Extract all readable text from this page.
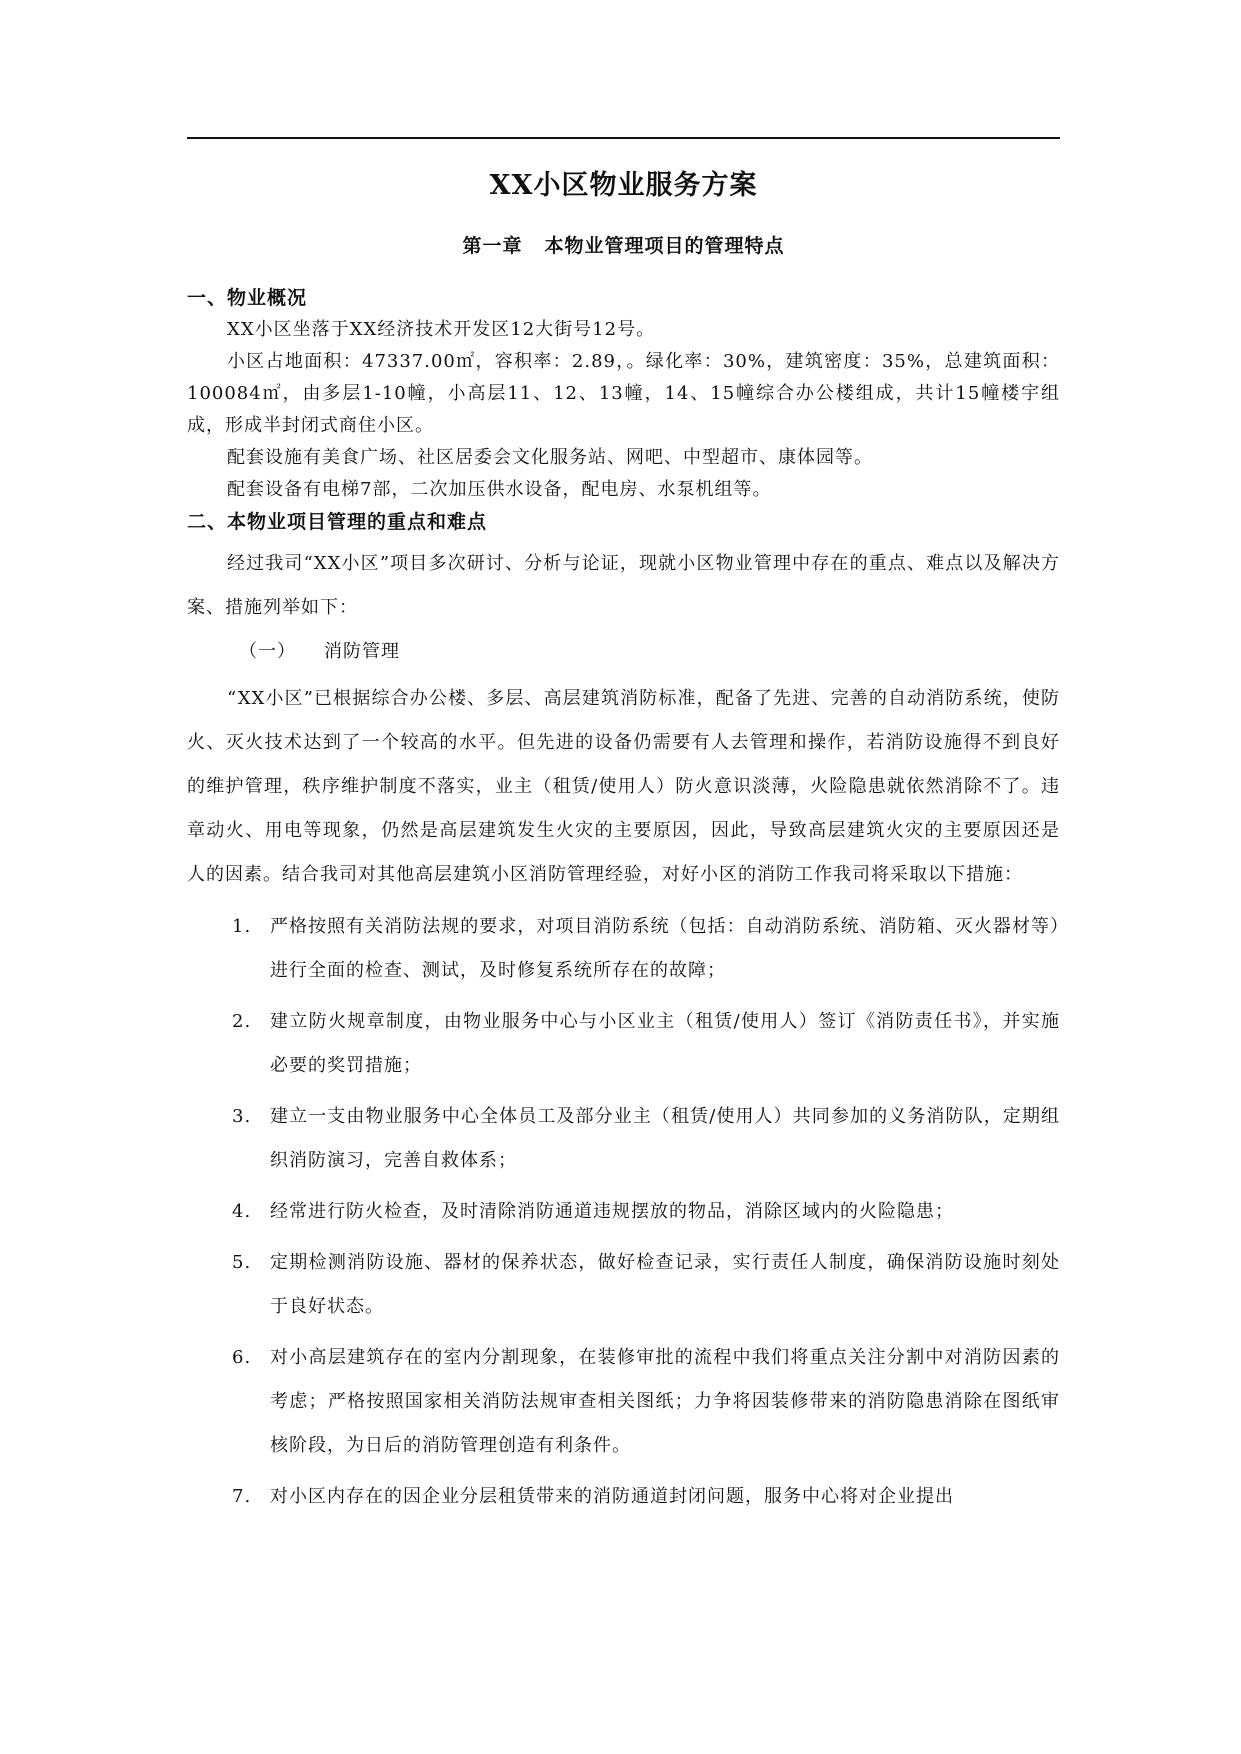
XX小区物业服务方案
第一章 本物业管理项目的管理特点
一、物业概况

XX小区坐落于XX经济技术开发区12大街号12号。

小区占地面积：47337.00㎡，容积率：2.89，。绿化率：30%，建筑密度：35%，总建筑面积：100084㎡，由多层1-10幢，小高层11、12、13幢，14、15幢综合办公楼组成，共计15幢楼宇组成，形成半封闭式商住小区。

配套设施有美食广场、社区居委会文化服务站、网吧、中型超市、康体园等。

配套设备有电梯7部，二次加压供水设备，配电房、水泵机组等。

二、本物业项目管理的重点和难点

经过我司“XX小区”项目多次研讨、分析与论证，现就小区物业管理中存在的重点、难点以及解决方案、措施列举如下：

（一） 消防管理

“XX小区”已根据综合办公楼、多层、高层建筑消防标准，配备了先进、完善的自动消防系统，使防火、灭火技术达到了一个较高的水平。但先进的设备仍需要有人去管理和操作，若消防设施得不到良好的维护管理，秩序维护制度不落实，业主（租赁/使用人）防火意识淡薄，火险隐患就依然消除不了。违章动火、用电等现象，仍然是高层建筑发生火灾的主要原因，因此，导致高层建筑火灾的主要原因还是人的因素。结合我司对其他高层建筑小区消防管理经验，对好小区的消防工作我司将采取以下措施：

1. 严格按照有关消防法规的要求，对项目消防系统（包括：自动消防系统、消防箱、灭火器材等）进行全面的检查、测试，及时修复系统所存在的故障；
2. 建立防火规章制度，由物业服务中心与小区业主（租赁/使用人）签订《消防责任书》，并实施必要的奖罚措施；
3. 建立一支由物业服务中心全体员工及部分业主（租赁/使用人）共同参加的义务消防队，定期组织消防演习，完善自救体系；
4. 经常进行防火检查，及时清除消防通道违规摆放的物品，消除区域内的火险隐患；
5. 定期检测消防设施、器材的保养状态，做好检查记录，实行责任人制度，确保消防设施时刻处于良好状态。
6. 对小高层建筑存在的室内分割现象，在装修审批的流程中我们将重点关注分割中对消防因素的考虑；严格按照国家相关消防法规审查相关图纸；力争将因装修带来的消防隐患消除在图纸审核阶段，为日后的消防管理创造有利条件。
7. 对小区内存在的因企业分层租赁带来的消防通道封闭问题，服务中心将对企业提出
